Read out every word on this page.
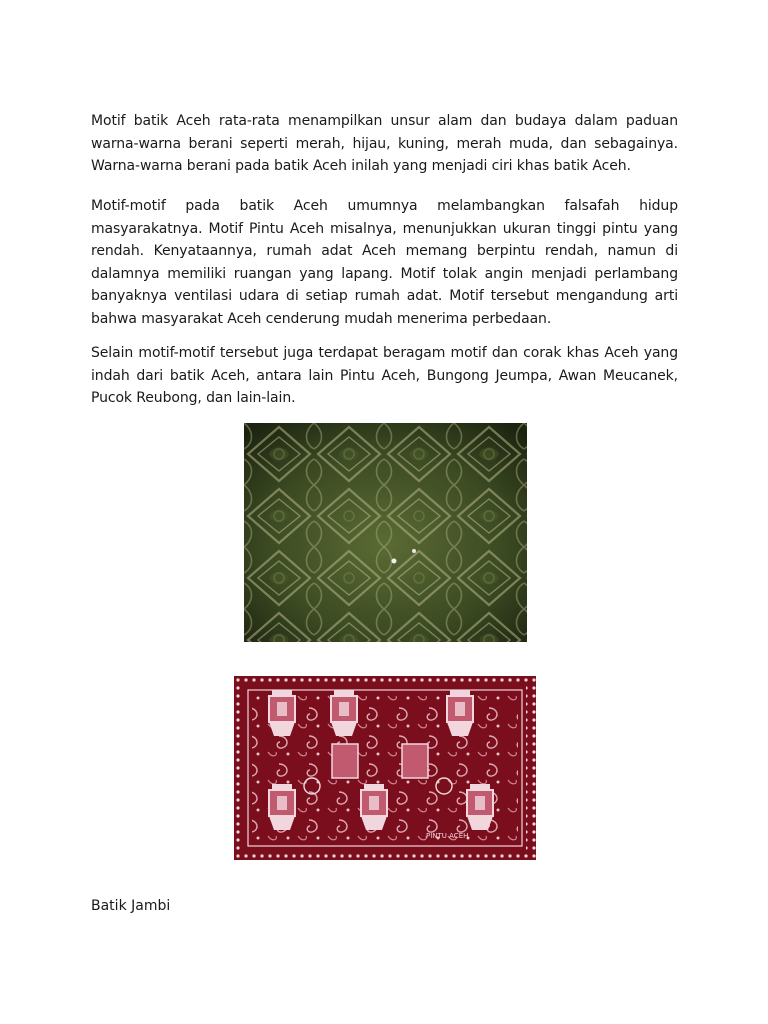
Motif batik Aceh rata-rata menampilkan unsur alam dan budaya dalam paduan warna-warna berani seperti merah, hijau, kuning, merah muda, dan sebagainya. Warna-warna berani pada batik Aceh inilah yang menjadi ciri khas batik Aceh.

Motif-motif pada batik Aceh umumnya melambangkan falsafah hidup masyarakatnya. Motif Pintu Aceh misalnya, menunjukkan ukuran tinggi pintu yang rendah. Kenyataannya, rumah adat Aceh memang berpintu rendah, namun di dalamnya memiliki ruangan yang lapang. Motif tolak angin menjadi perlambang banyaknya ventilasi udara di setiap rumah adat. Motif tersebut mengandung arti bahwa masyarakat Aceh cenderung mudah menerima perbedaan.

Selain motif-motif tersebut juga terdapat beragam motif dan corak khas Aceh yang indah dari batik Aceh, antara lain Pintu Aceh, Bungong Jeumpa, Awan Meucanek, Pucok Reubong, dan lain-lain.

PINTU ACEH

Batik Jambi
